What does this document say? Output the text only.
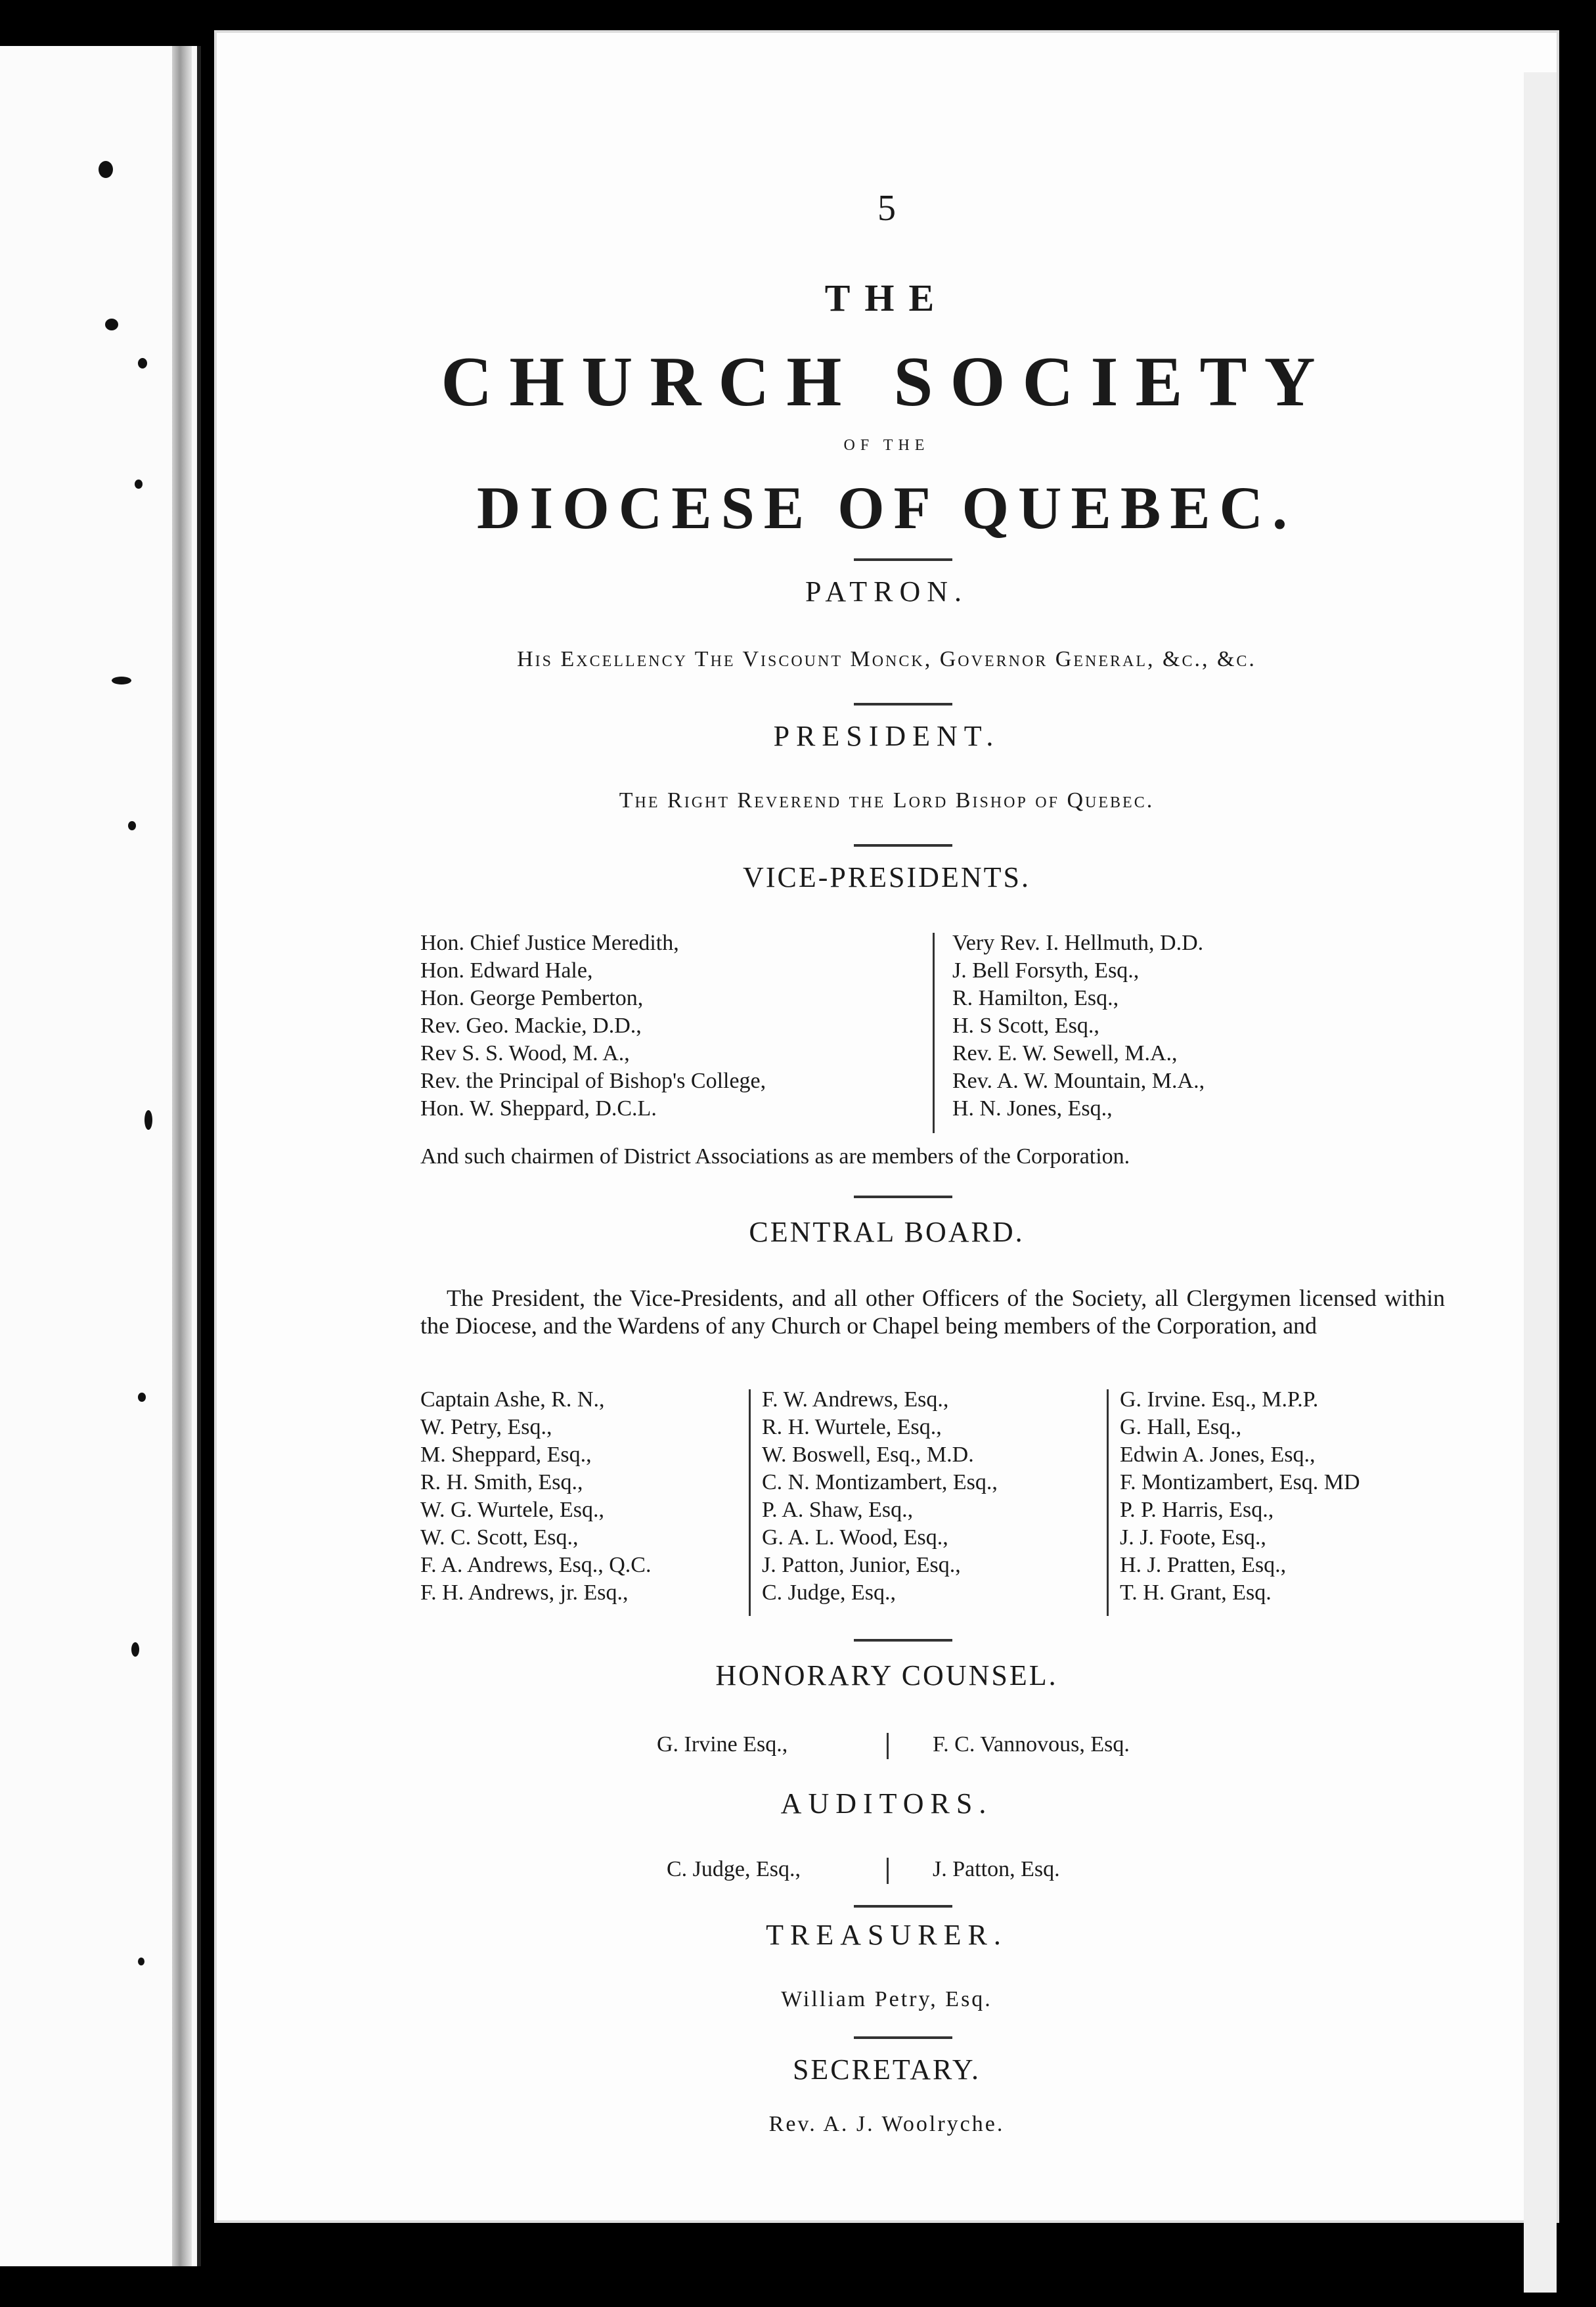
5
THE
CHURCH SOCIETY
OF THE
DIOCESE OF QUEBEC.
PATRON.
His Excellency The Viscount Monck, Governor General, &c., &c.
PRESIDENT.
The Right Reverend the Lord Bishop of Quebec.
VICE-PRESIDENTS.
Hon. Chief Justice Meredith,
Hon. Edward Hale,
Hon. George Pemberton,
Rev. Geo. Mackie, D.D.,
Rev S. S. Wood, M. A.,
Rev. the Principal of Bishop's College,
Hon. W. Sheppard, D.C.L.
Very Rev. I. Hellmuth, D.D.
J. Bell Forsyth, Esq.,
R. Hamilton, Esq.,
H. S Scott, Esq.,
Rev. E. W. Sewell, M.A.,
Rev. A. W. Mountain, M.A.,
H. N. Jones, Esq.,
And such chairmen of District Associations as are members of the Corporation.
CENTRAL BOARD.
The President, the Vice-Presidents, and all other Officers of the Society, all Clergymen licensed within the Diocese, and the Wardens of any Church or Chapel being members of the Corporation, and
Captain Ashe, R. N.,
W. Petry, Esq.,
M. Sheppard, Esq.,
R. H. Smith, Esq.,
W. G. Wurtele, Esq.,
W. C. Scott, Esq.,
F. A. Andrews, Esq., Q.C.
F. H. Andrews, jr. Esq.,
F. W. Andrews, Esq.,
R. H. Wurtele, Esq.,
W. Boswell, Esq., M.D.
C. N. Montizambert, Esq.,
P. A. Shaw, Esq.,
G. A. L. Wood, Esq.,
J. Patton, Junior, Esq.,
C. Judge, Esq.,
G. Irvine. Esq., M.P.P.
G. Hall, Esq.,
Edwin A. Jones, Esq.,
F. Montizambert, Esq. MD
P. P. Harris, Esq.,
J. J. Foote, Esq.,
H. J. Pratten, Esq.,
T. H. Grant, Esq.
HONORARY COUNSEL.
G. Irvine Esq.,	F. C. Vannovous, Esq.
AUDITORS.
C. Judge, Esq.,	J. Patton, Esq.
TREASURER.
William Petry, Esq.
SECRETARY.
Rev. A. J. Woolryche.
